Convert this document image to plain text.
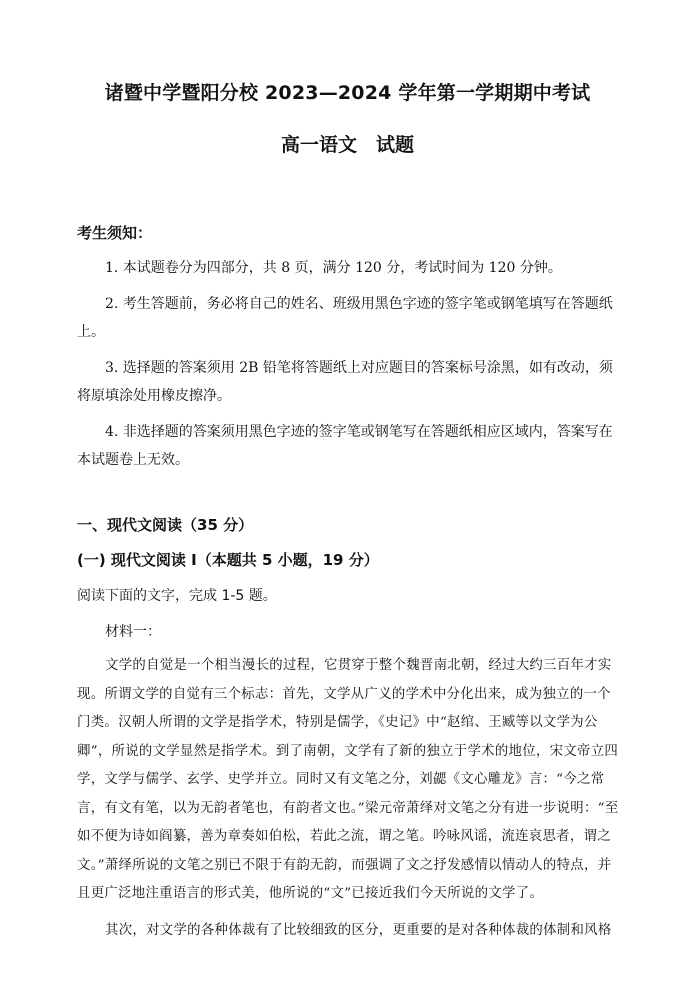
诸暨中学暨阳分校 2023—2024 学年第一学期期中考试
高一语文　试题
考生须知：
1. 本试题卷分为四部分，共 8 页，满分 120 分，考试时间为 120 分钟。
2. 考生答题前，务必将自己的姓名、班级用黑色字迹的签字笔或钢笔填写在答题纸上。
3. 选择题的答案须用 2B 铅笔将答题纸上对应题目的答案标号涂黑，如有改动，须将原填涂处用橡皮擦净。
4. 非选择题的答案须用黑色字迹的签字笔或钢笔写在答题纸相应区域内，答案写在本试题卷上无效。
一、现代文阅读（35 分）
(一) 现代文阅读 I（本题共 5 小题，19 分）
阅读下面的文字，完成 1-5 题。
材料一：

文学的自觉是一个相当漫长的过程，它贯穿于整个魏晋南北朝，经过大约三百年才实现。所谓文学的自觉有三个标志：首先，文学从广义的学术中分化出来，成为独立的一个门类。汉朝人所谓的文学是指学术，特别是儒学，《史记》中“赵绾、王臧等以文学为公卿”，所说的文学显然是指学术。到了南朝，文学有了新的独立于学术的地位，宋文帝立四学，文学与儒学、玄学、史学并立。同时又有文笔之分，刘勰《文心雕龙》言：“今之常言，有文有笔，以为无韵者笔也，有韵者文也。”梁元帝萧绎对文笔之分有进一步说明：“至如不便为诗如阎纂，善为章奏如伯松，若此之流，谓之笔。吟咏风谣，流连哀思者，谓之文。”萧绎所说的文笔之别已不限于有韵无韵，而强调了文之抒发感情以情动人的特点，并且更广泛地注重语言的形式美，他所说的“文”已接近我们今天所说的文学了。

其次，对文学的各种体裁有了比较细致的区分，更重要的是对各种体裁的体制和风格
